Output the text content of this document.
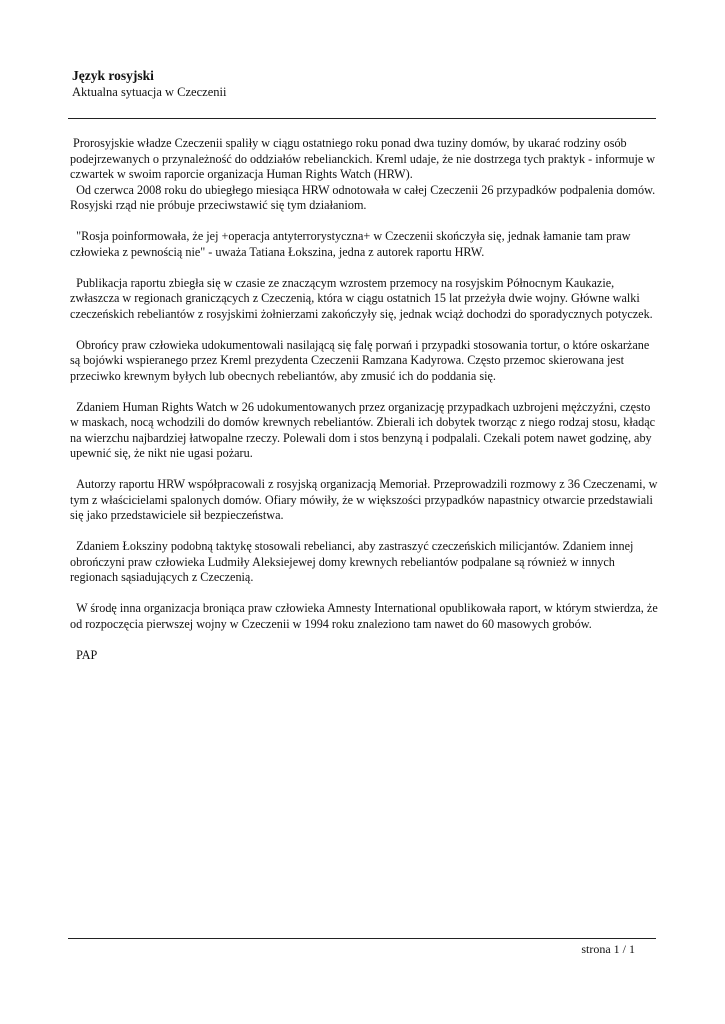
Język rosyjski

Aktualna sytuacja w Czeczenii

Prorosyjskie władze Czeczenii spaliły w ciągu ostatniego roku ponad dwa tuziny domów, by ukarać rodziny osób podejrzewanych o przynależność do oddziałów rebelianckich. Kreml udaje, że nie dostrzega tych praktyk - informuje w czwartek w swoim raporcie organizacja Human Rights Watch (HRW).
Od czerwca 2008 roku do ubiegłego miesiąca HRW odnotowała w całej Czeczenii 26 przypadków podpalenia domów. Rosyjski rząd nie próbuje przeciwstawić się tym działaniom.

"Rosja poinformowała, że jej +operacja antyterrorystyczna+ w Czeczenii skończyła się, jednak łamanie tam praw człowieka z pewnością nie" - uważa Tatiana Łokszina, jedna z autorek raportu HRW.

Publikacja raportu zbiegła się w czasie ze znaczącym wzrostem przemocy na rosyjskim Północnym Kaukazie, zwłaszcza w regionach graniczących z Czeczenią, która w ciągu ostatnich 15 lat przeżyła dwie wojny. Główne walki czeczeńskich rebeliantów z rosyjskimi żołnierzami zakończyły się, jednak wciąż dochodzi do sporadycznych potyczek.

Obrońcy praw człowieka udokumentowali nasilającą się falę porwań i przypadki stosowania tortur, o które oskarżane są bojówki wspieranego przez Kreml prezydenta Czeczenii Ramzana Kadyrowa. Często przemoc skierowana jest przeciwko krewnym byłych lub obecnych rebeliantów, aby zmusić ich do poddania się.

Zdaniem Human Rights Watch w 26 udokumentowanych przez organizację przypadkach uzbrojeni mężczyźni, często w maskach, nocą wchodzili do domów krewnych rebeliantów. Zbierali ich dobytek tworząc z niego rodzaj stosu, kładąc na wierzchu najbardziej łatwopalne rzeczy. Polewali dom i stos benzyną i podpalali. Czekali potem nawet godzinę, aby upewnić się, że nikt nie ugasi pożaru.

Autorzy raportu HRW współpracowali z rosyjską organizacją Memoriał. Przeprowadzili rozmowy z 36 Czeczenami, w tym z właścicielami spalonych domów. Ofiary mówiły, że w większości przypadków napastnicy otwarcie przedstawiali się jako przedstawiciele sił bezpieczeństwa.

Zdaniem Łoksziny podobną taktykę stosowali rebelianci, aby zastraszyć czeczeńskich milicjantów. Zdaniem innej obrończyni praw człowieka Ludmiły Aleksiejewej domy krewnych rebeliantów podpalane są również w innych regionach sąsiadujących z Czeczenią.

W środę inna organizacja broniąca praw człowieka Amnesty International opublikowała raport, w którym stwierdza, że od rozpoczęcia pierwszej wojny w Czeczenii w 1994 roku znaleziono tam nawet do 60 masowych grobów.

PAP

strona 1 / 1
